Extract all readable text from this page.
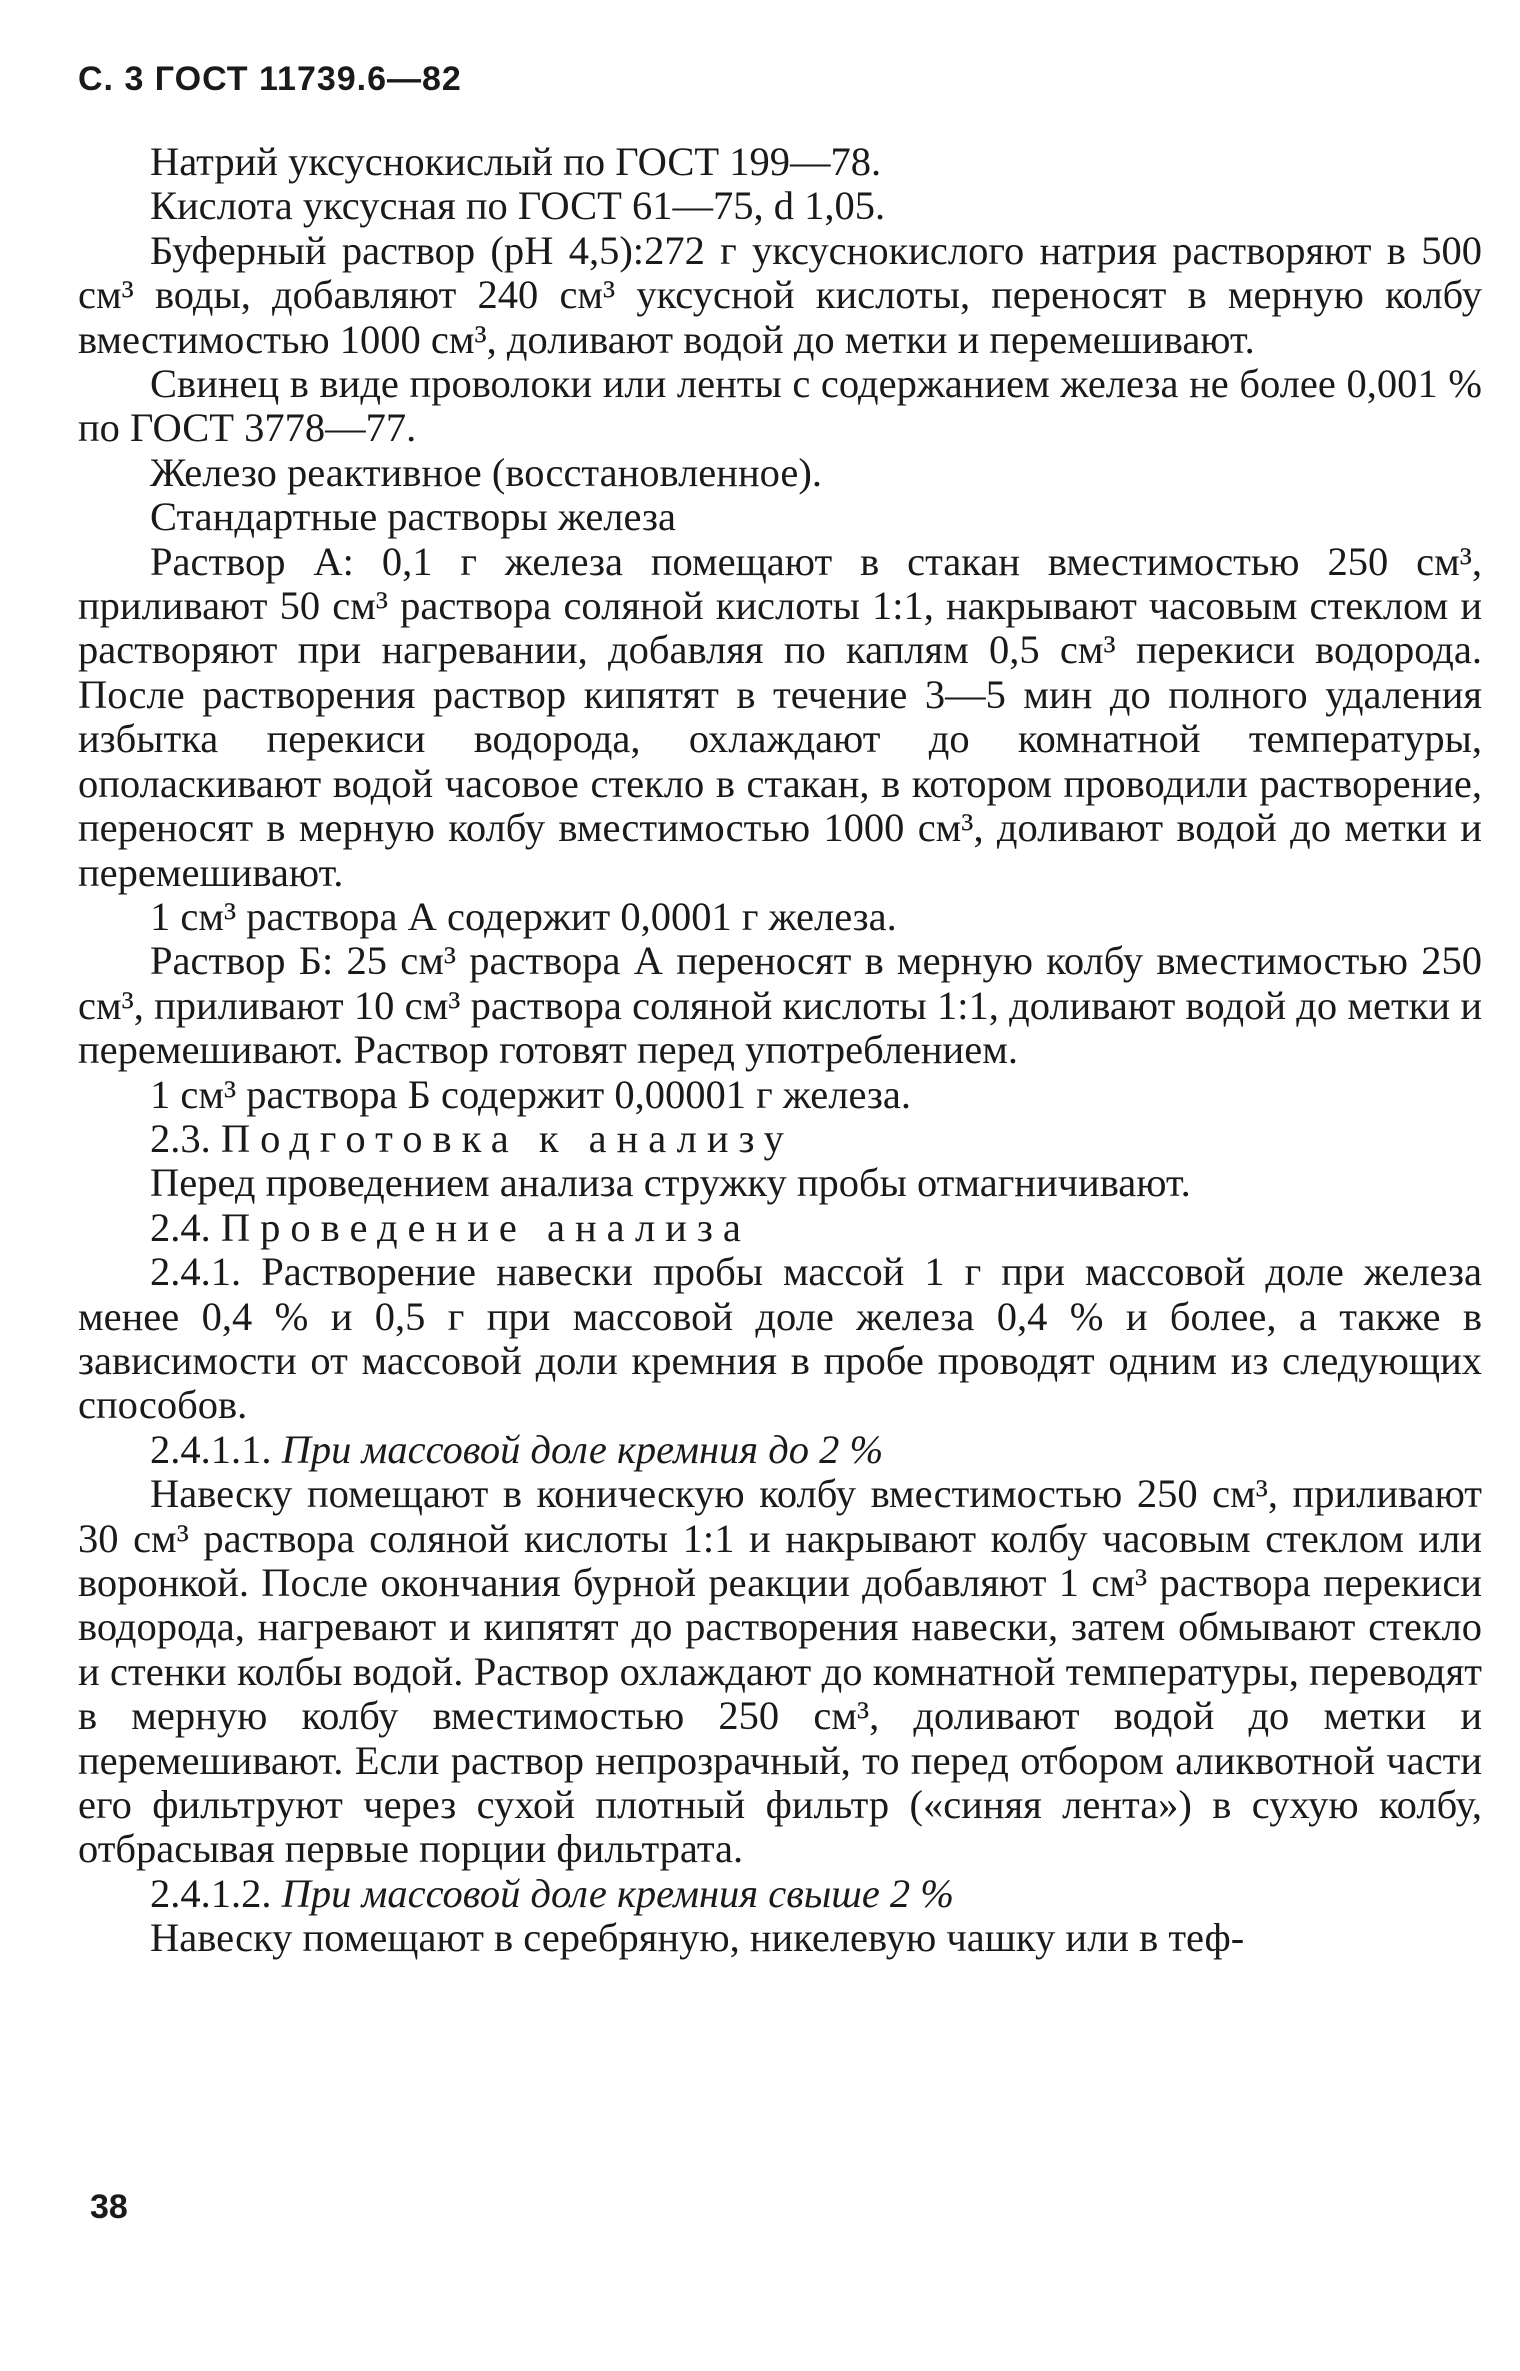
С. 3 ГОСТ 11739.6—82

Натрий уксуснокислый по ГОСТ 199—78.

Кислота уксусная по ГОСТ 61—75, d 1,05.

Буферный раствор (рН 4,5):272 г уксуснокислого натрия растворяют в 500 см³ воды, добавляют 240 см³ уксусной кислоты, переносят в мерную колбу вместимостью 1000 см³, доливают водой до метки и перемешивают.

Свинец в виде проволоки или ленты с содержанием железа не более 0,001 % по ГОСТ 3778—77.

Железо реактивное (восстановленное).

Стандартные растворы железа

Раствор А: 0,1 г железа помещают в стакан вместимостью 250 см³, приливают 50 см³ раствора соляной кислоты 1:1, накрывают часовым стеклом и растворяют при нагревании, добавляя по каплям 0,5 см³ перекиси водорода. После растворения раствор кипятят в течение 3—5 мин до полного удаления избытка перекиси водорода, охлаждают до комнатной температуры, ополаскивают водой часовое стекло в стакан, в котором проводили растворение, переносят в мерную колбу вместимостью 1000 см³, доливают водой до метки и перемешивают.

1 см³ раствора А содержит 0,0001 г железа.

Раствор Б: 25 см³ раствора А переносят в мерную колбу вместимостью 250 см³, приливают 10 см³ раствора соляной кислоты 1:1, доливают водой до метки и перемешивают. Раствор готовят перед употреблением.

1 см³ раствора Б содержит 0,00001 г железа.

2.3. Подготовка к анализу

Перед проведением анализа стружку пробы отмагничивают.

2.4. Проведение анализа

2.4.1. Растворение навески пробы массой 1 г при массовой доле железа менее 0,4 % и 0,5 г при массовой доле железа 0,4 % и более, а также в зависимости от массовой доли кремния в пробе проводят одним из следующих способов.

2.4.1.1. При массовой доле кремния до 2 %

Навеску помещают в коническую колбу вместимостью 250 см³, приливают 30 см³ раствора соляной кислоты 1:1 и накрывают колбу часовым стеклом или воронкой. После окончания бурной реакции добавляют 1 см³ раствора перекиси водорода, нагревают и кипятят до растворения навески, затем обмывают стекло и стенки колбы водой. Раствор охлаждают до комнатной температуры, переводят в мерную колбу вместимостью 250 см³, доливают водой до метки и перемешивают. Если раствор непрозрачный, то перед отбором аликвотной части его фильтруют через сухой плотный фильтр («синяя лента») в сухую колбу, отбрасывая первые порции фильтрата.

2.4.1.2. При массовой доле кремния свыше 2 %

Навеску помещают в серебряную, никелевую чашку или в теф-

38
